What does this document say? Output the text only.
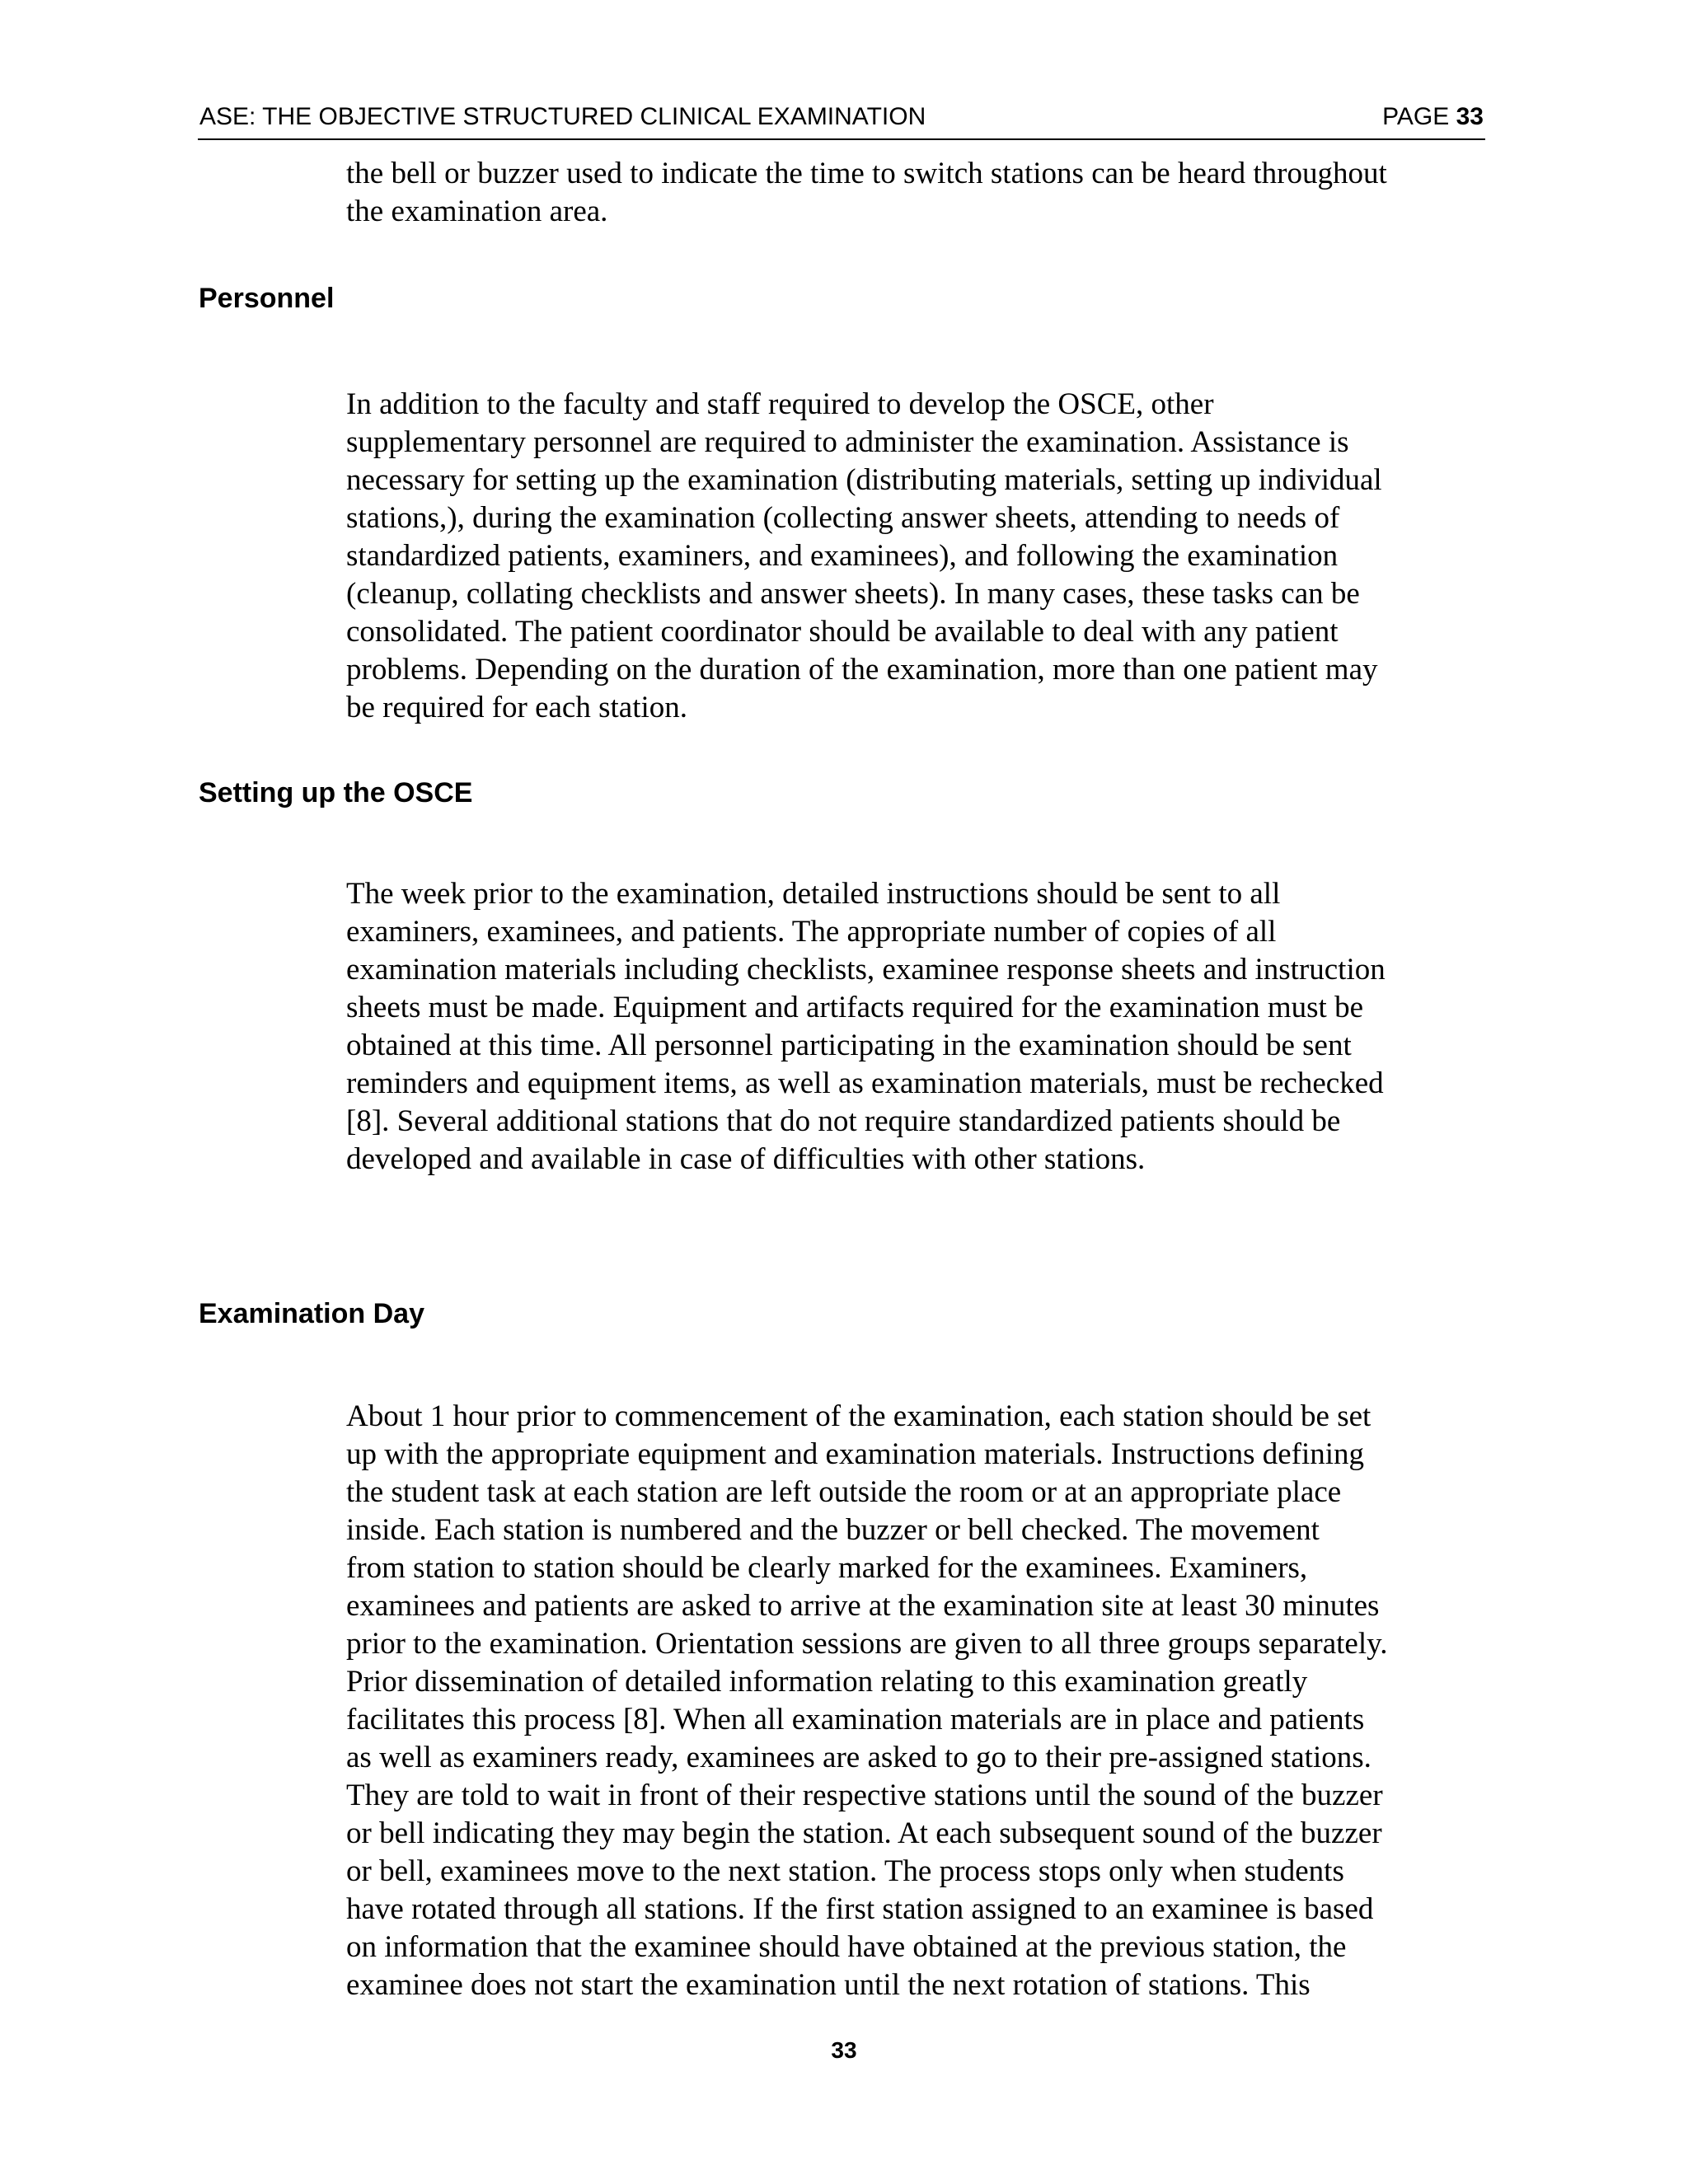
ASE: THE OBJECTIVE STRUCTURED CLINICAL EXAMINATION	PAGE 33

the bell or buzzer used to indicate the time to switch stations can be heard throughout
the examination area.

Personnel

In addition to the faculty and staff required to develop the OSCE, other
supplementary personnel are required to administer the examination. Assistance is
necessary for setting up the examination (distributing materials, setting up individual
stations,), during the examination (collecting answer sheets, attending to needs of
standardized patients, examiners, and examinees), and following the examination
(cleanup, collating checklists and answer sheets). In many cases, these tasks can be
consolidated. The patient coordinator should be available to deal with any patient
problems. Depending on the duration of the examination, more than one patient may
be required for each station.

Setting up the OSCE

The week prior to the examination, detailed instructions should be sent to all
examiners, examinees, and patients. The appropriate number of copies of all
examination materials including checklists, examinee response sheets and instruction
sheets must be made. Equipment and artifacts required for the examination must be
obtained at this time. All personnel participating in the examination should be sent
reminders and equipment items, as well as examination materials, must be rechecked
[8]. Several additional stations that do not require standardized patients should be
developed and available in case of difficulties with other stations.

Examination Day

About 1 hour prior to commencement of the examination, each station should be set
up with the appropriate equipment and examination materials. Instructions defining
the student task at each station are left outside the room or at an appropriate place
inside. Each station is numbered and the buzzer or bell checked. The movement
from station to station should be clearly marked for the examinees. Examiners,
examinees and patients are asked to arrive at the examination site at least 30 minutes
prior to the examination. Orientation sessions are given to all three groups separately.
Prior dissemination of detailed information relating to this examination greatly
facilitates this process [8]. When all examination materials are in place and patients
as well as examiners ready, examinees are asked to go to their pre-assigned stations.
They are told to wait in front of their respective stations until the sound of the buzzer
or bell indicating they may begin the station. At each subsequent sound of the buzzer
or bell, examinees move to the next station. The process stops only when students
have rotated through all stations. If the first station assigned to an examinee is based
on information that the examinee should have obtained at the previous station, the
examinee does not start the examination until the next rotation of stations. This

33
